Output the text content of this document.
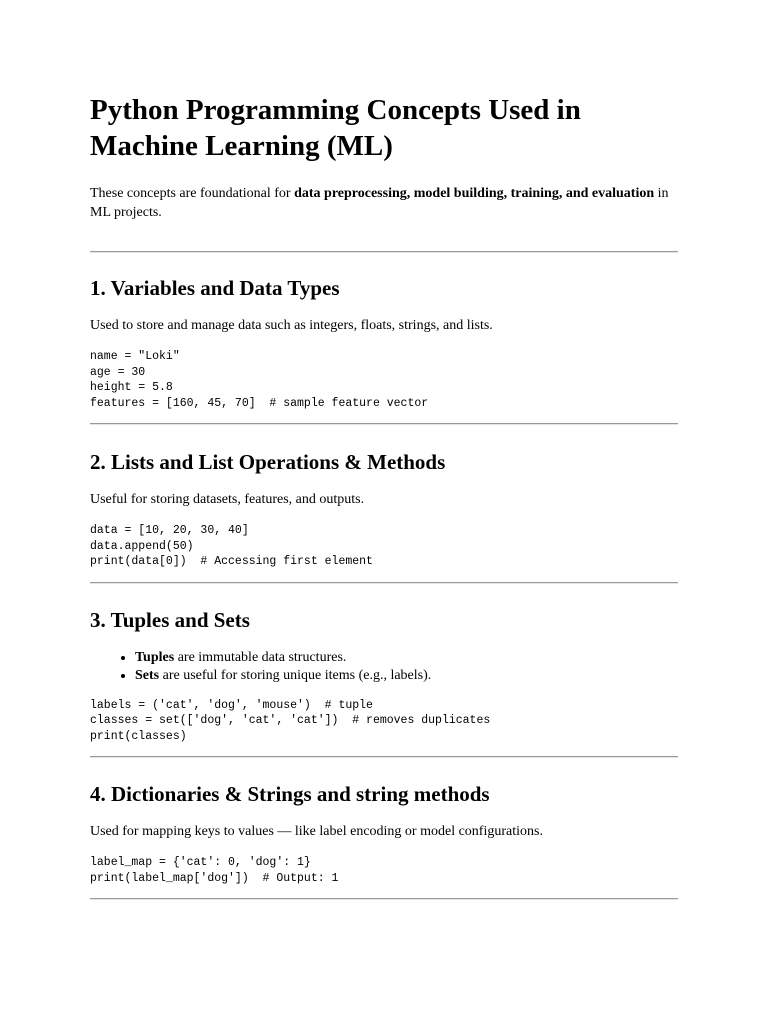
Python Programming Concepts Used in Machine Learning (ML)

These concepts are foundational for data preprocessing, model building, training, and evaluation in ML projects.

1. Variables and Data Types

Used to store and manage data such as integers, floats, strings, and lists.

name = "Loki"
age = 30
height = 5.8
features = [160, 45, 70]  # sample feature vector
2. Lists and List Operations & Methods

Useful for storing datasets, features, and outputs.

data = [10, 20, 30, 40]
data.append(50)
print(data[0])  # Accessing first element
3. Tuples and Sets
• Tuples are immutable data structures.
• Sets are useful for storing unique items (e.g., labels).
labels = ('cat', 'dog', 'mouse')  # tuple
classes = set(['dog', 'cat', 'cat'])  # removes duplicates
print(classes)
4. Dictionaries & Strings and string methods

Used for mapping keys to values — like label encoding or model configurations.

label_map = {'cat': 0, 'dog': 1}
print(label_map['dog'])  # Output: 1
